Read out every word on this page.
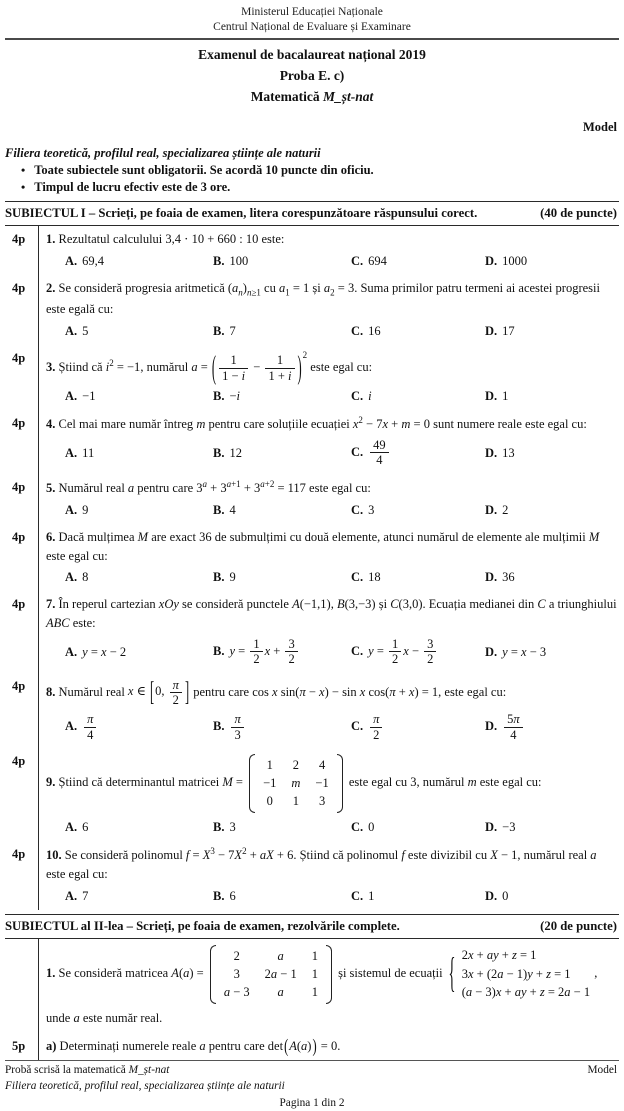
Ministerul Educației Naționale
Centrul Național de Evaluare și Examinare
Examenul de bacalaureat național 2019
Proba E. c)
Matematică M_șt-nat
Model
Filiera teoretică, profilul real, specializarea științe ale naturii
• Toate subiectele sunt obligatorii. Se acordă 10 puncte din oficiu.
• Timpul de lucru efectiv este de 3 ore.
SUBIECTUL I – Scrieți, pe foaia de examen, litera corespunzătoare răspunsului corect.	(40 de puncte)
4p	1. Rezultatul calculului 3,4 ⋅ 10 + 660 : 10 este:
A. 69,4	B. 100	C. 694	D. 1000
4p	2. Se consideră progresia aritmetică $(a_n)_{n\ge 1}$ cu $a_1 = 1$ și $a_2 = 3$. Suma primilor patru termeni ai acestei progresii este egală cu:
A. 5	B. 7	C. 16	D. 17
4p
3. Știind că $i^2 = -1$, numărul a = ( $\frac{1}{1 - i} - \frac{1}{1 + i} )^2$ este egal cu:
A. −1	B. −i	C. i	D. 1
4p	4. Cel mai mare număr întreg m pentru care soluțiile ecuației $x^2 - 7x + m = 0$ sunt numere reale este egal cu:
A. 11	B. 12	C. $\frac{49}{4}$	D. 13
4p	5. Numărul real a pentru care $3^a + 3^{a+1} + 3^{a+2} = 117$ este egal cu:
A. 9	B. 4	C. 3	D. 2
4p	6. Dacă mulțimea M are exact 36 de submulțimi cu două elemente, atunci numărul de elemente ale mulțimii M este egal cu:
A. 8	B. 9	C. 18	D. 36
4p	7. În reperul cartezian xOy se consideră punctele A(−1,1), B(3,−3) și C(3,0). Ecuația medianei din C a triunghiului ABC este:
A. y = x − 2	B. $y = \frac{1}{2}$ $x + \frac{3}{2}$	C. $y = \frac{1}{2}$ $x - \frac{3}{2}$	D. y = x − 3
4p	8. Numărul real x ∈ [0, $\frac{\pi}{2}$ ] pentru care cos x sin(π − x) − sin x cos(π + x) = 1, este egal cu:
A. $\frac{\pi}{4}$	B. $\frac{\pi}{3}$	C. $\frac{\pi}{2}$	D. $\frac{5\pi}{4}$
4p
9. Știind că determinantul matricei M =
1 2 4
−1 m −1
0 1 3
este egal cu 3, numărul m este egal cu:
A. 6	B. 3	C. 0	D. −3
4p	10. Se consideră polinomul $f = X^3 - 7X^2$ + aX + 6. Știind că polinomul f este divizibil cu X − 1, numărul real a este egal cu:
A. 7	B. 6	C. 1	D. 0
SUBIECTUL al II-lea – Scrieți, pe foaia de examen, rezolvările complete.	(20 de puncte)
1. Se consideră matricea A(a) =
2	a 1
3 2a − 1 1
a − 3 a 1
și sistemul de ecuații { 2x + ay + z = 1
3x + (2a − 1)y + z = 1
(a − 3)x + ay + z = 2a − 1
,
unde a este număr real.
5p	a) Determinați numerele reale a pentru care det(A(a)) = 0.
Probă scrisă la matematică M_șt-nat	Model
Filiera teoretică, profilul real, specializarea științe ale naturii
Pagina 1 din 2
